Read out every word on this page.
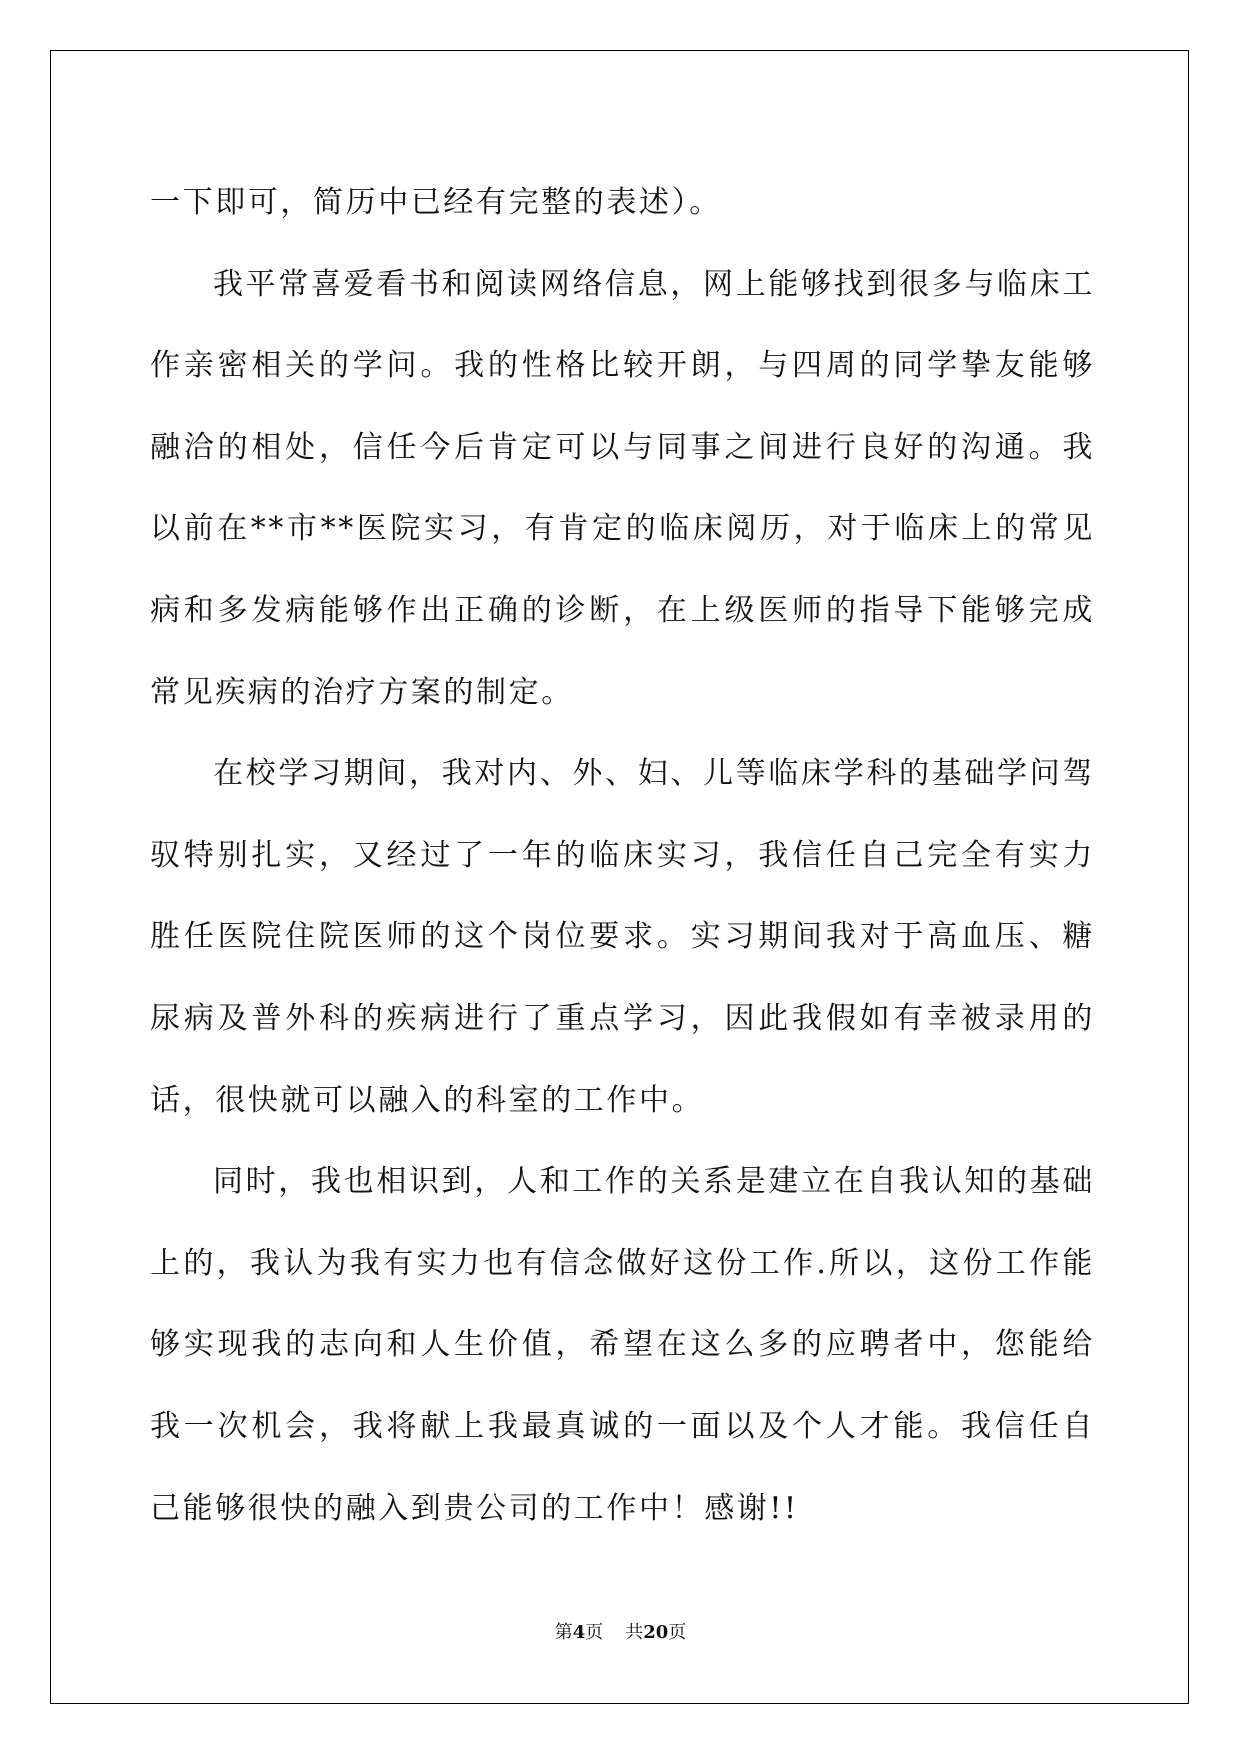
一下即可，简历中已经有完整的表述）。

我平常喜爱看书和阅读网络信息，网上能够找到很多与临床工作亲密相关的学问。我的性格比较开朗，与四周的同学挚友能够融洽的相处，信任今后肯定可以与同事之间进行良好的沟通。我以前在**市**医院实习，有肯定的临床阅历，对于临床上的常见病和多发病能够作出正确的诊断，在上级医师的指导下能够完成常见疾病的治疗方案的制定。

在校学习期间，我对内、外、妇、儿等临床学科的基础学问驾驭特别扎实，又经过了一年的临床实习，我信任自己完全有实力胜任医院住院医师的这个岗位要求。实习期间我对于高血压、糖尿病及普外科的疾病进行了重点学习，因此我假如有幸被录用的话，很快就可以融入的科室的工作中。

同时，我也相识到，人和工作的关系是建立在自我认知的基础上的，我认为我有实力也有信念做好这份工作.所以，这份工作能够实现我的志向和人生价值，希望在这么多的应聘者中，您能给我一次机会，我将献上我最真诚的一面以及个人才能。我信任自己能够很快的融入到贵公司的工作中！感谢!!

第4页 共20页
